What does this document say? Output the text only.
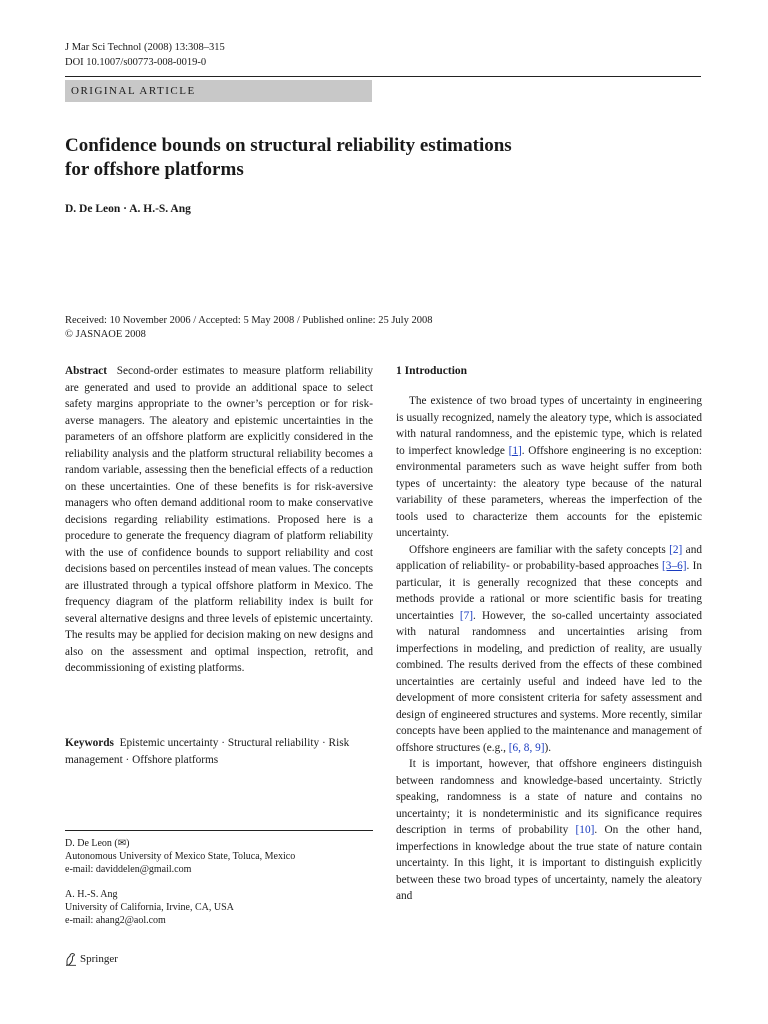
J Mar Sci Technol (2008) 13:308–315
DOI 10.1007/s00773-008-0019-0
ORIGINAL ARTICLE
Confidence bounds on structural reliability estimations
for offshore platforms
D. De Leon · A. H.-S. Ang
Received: 10 November 2006 / Accepted: 5 May 2008 / Published online: 25 July 2008
© JASNAOE 2008

Abstract Second-order estimates to measure platform reliability are generated and used to provide an additional space to select safety margins appropriate to the owner’s perception or for risk-averse managers. The aleatory and epistemic uncertainties in the parameters of an offshore platform are explicitly considered in the reliability analysis and the platform structural reliability becomes a random variable, assessing then the beneficial effects of a reduction on these uncertainties. One of these benefits is for risk-aversive managers who often demand additional room to make conservative decisions regarding reliability estimations. Proposed here is a procedure to generate the frequency diagram of platform reliability with the use of confidence bounds to support reliability and cost decisions based on percentiles instead of mean values. The concepts are illustrated through a typical offshore platform in Mexico. The frequency diagram of the platform reliability index is built for several alternative designs and three levels of epistemic uncertainty. The results may be applied for decision making on new designs and also on the assessment and optimal inspection, retrofit, and decommissioning of existing platforms.

Keywords Epistemic uncertainty · Structural reliability · Risk management · Offshore platforms

D. De Leon (✉)
Autonomous University of Mexico State, Toluca, Mexico
e-mail: daviddelen@gmail.com
A. H.-S. Ang
University of California, Irvine, CA, USA
e-mail: ahang2@aol.com
Springer
1 Introduction

The existence of two broad types of uncertainty in engineering is usually recognized, namely the aleatory type, which is associated with natural randomness, and the epistemic type, which is related to imperfect knowledge [1]. Offshore engineering is no exception: environmental parameters such as wave height suffer from both types of uncertainty: the aleatory type because of the natural variability of these parameters, whereas the imperfection of the tools used to characterize them accounts for the epistemic uncertainty.

Offshore engineers are familiar with the safety concepts [2] and application of reliability- or probability-based approaches [3–6]. In particular, it is generally recognized that these concepts and methods provide a rational or more scientific basis for treating uncertainties [7]. However, the so-called uncertainty associated with natural randomness and uncertainties arising from imperfections in modeling, and prediction of reality, are usually combined. The results derived from the effects of these combined uncertainties are certainly useful and indeed have led to the development of more consistent criteria for safety assessment and design of engineered structures and systems. More recently, similar concepts have been applied to the maintenance and management of offshore structures (e.g., [6, 8, 9]).

It is important, however, that offshore engineers distinguish between randomness and knowledge-based uncertainty. Strictly speaking, randomness is a state of nature and contains no uncertainty; it is nondeterministic and its significance requires description in terms of probability [10]. On the other hand, imperfections in knowledge about the true state of nature contain uncertainty. In this light, it is important to distinguish explicitly between these two broad types of uncertainty, namely the aleatory and
